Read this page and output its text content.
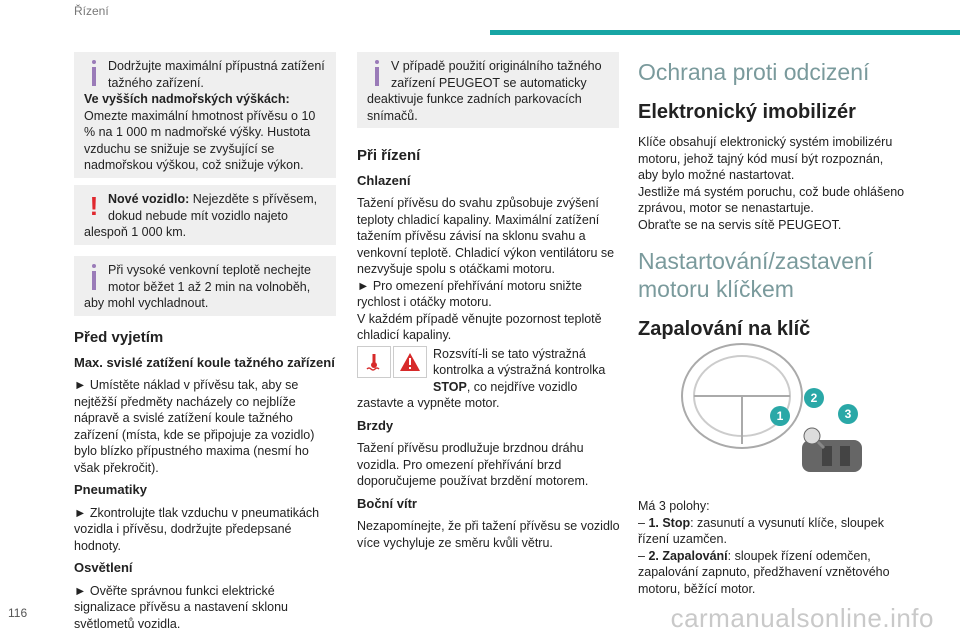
Řízení
Dodržujte maximální přípustná zatížení tažného zařízení.
Ve vyšších nadmořských výškách: Omezte maximální hmotnost přívěsu o 10 % na 1 000 m nadmořské výšky. Hustota vzduchu se snižuje se zvyšující se nadmořskou výškou, což snižuje výkon.
! Nové vozidlo: Nejezděte s přívěsem, dokud nebude mít vozidlo najeto alespoň 1 000 km.
Při vysoké venkovní teplotě nechejte motor běžet 1 až 2 min na volnoběh, aby mohl vychladnout.
Před vyjetím
Max. svislé zatížení koule tažného zařízení

► Umístěte náklad v přívěsu tak, aby se nejtěžší předměty nacházely co nejblíže nápravě a svislé zatížení koule tažného zařízení (místa, kde se připojuje za vozidlo) bylo blízko přípustného maxima (nesmí ho však překročit).

Pneumatiky

► Zkontrolujte tlak vzduchu v pneumatikách vozidla i přívěsu, dodržujte předepsané hodnoty.

Osvětlení

► Ověřte správnou funkci elektrické signalizace přívěsu a nastavení sklonu světlometů vozidla.

V případě použití originálního tažného zařízení PEUGEOT se automaticky deaktivuje funkce zadních parkovacích snímačů.
Při řízení
Chlazení

Tažení přívěsu do svahu způsobuje zvýšení teploty chladicí kapaliny. Maximální zatížení tažením přívěsu závisí na sklonu svahu a venkovní teplotě. Chladicí výkon ventilátoru se nezvyšuje spolu s otáčkami motoru.

► Pro omezení přehřívání motoru snižte rychlost i otáčky motoru.

V každém případě věnujte pozornost teplotě chladicí kapaliny.

Rozsvítí-li se tato výstražná kontrolka a výstražná kontrolka STOP, co nejdříve vozidlo zastavte a vypněte motor.

Brzdy

Tažení přívěsu prodlužuje brzdnou dráhu vozidla. Pro omezení přehřívání brzd doporučujeme používat brzdění motorem.

Boční vítr

Nezapomínejte, že při tažení přívěsu se vozidlo více vychyluje ze směru kvůli větru.

Ochrana proti odcizení
Elektronický imobilizér

Klíče obsahují elektronický systém imobilizéru motoru, jehož tajný kód musí být rozpoznán, aby bylo možné nastartovat.

Jestliže má systém poruchu, což bude ohlášeno zprávou, motor se nenastartuje.

Obraťte se na servis sítě PEUGEOT.

Nastartování/zastavení motoru klíčkem
Zapalování na klíč
1
2
3

Má 3 polohy:

– 1. Stop: zasunutí a vysunutí klíče, sloupek řízení uzamčen.

– 2. Zapalování: sloupek řízení odemčen, zapalování zapnuto, předžhavení vznětového motoru, běžící motor.

116	carmanualsonline.info
